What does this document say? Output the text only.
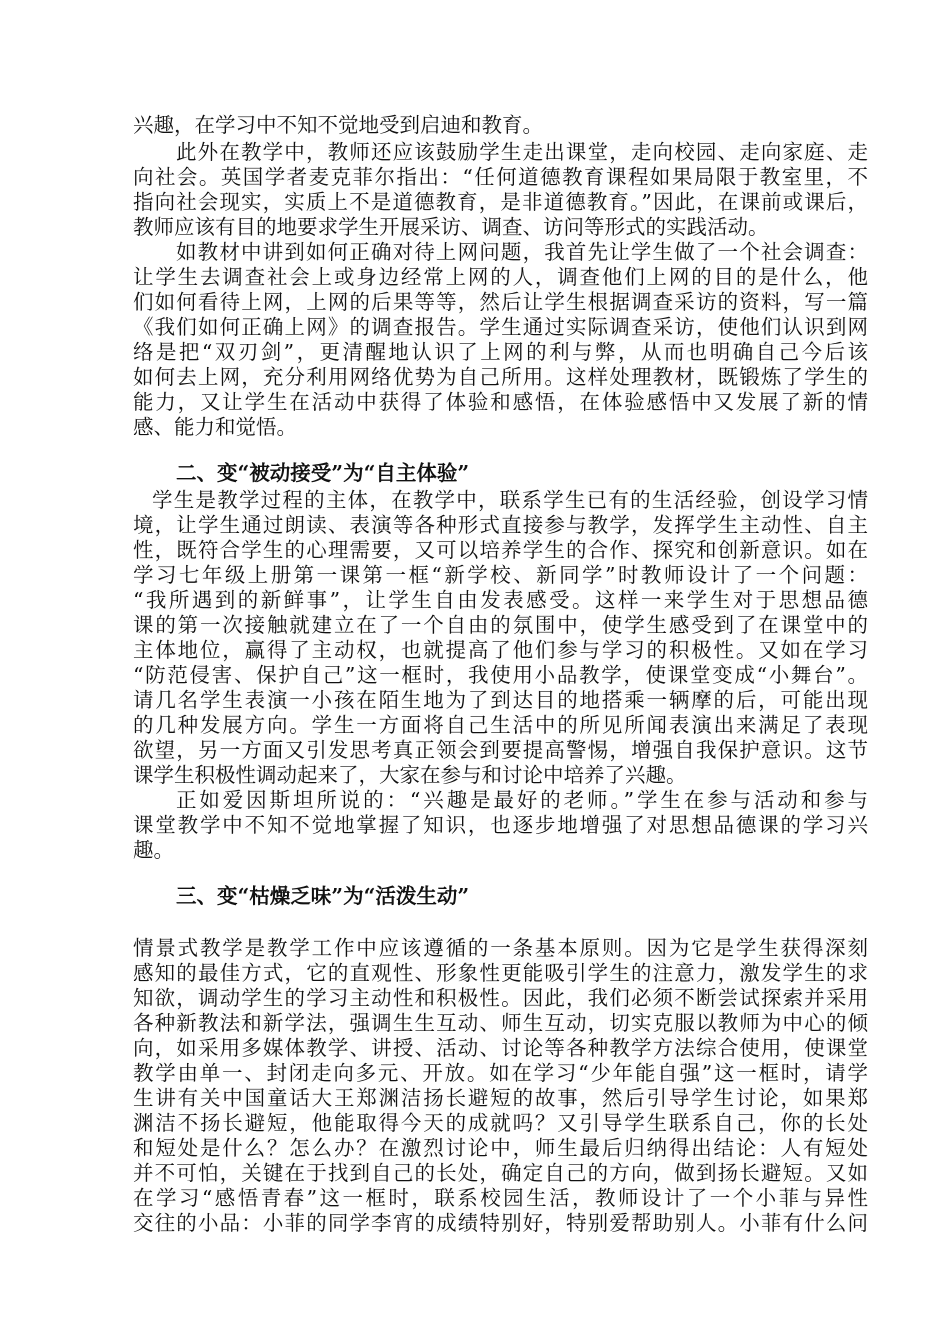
兴趣，在学习中不知不觉地受到启迪和教育。
此外在教学中，教师还应该鼓励学生走出课堂，走向校园、走向家庭、走
向社会。英国学者麦克菲尔指出：“任何道德教育课程如果局限于教室里，不
指向社会现实，实质上不是道德教育，是非道德教育。”因此，在课前或课后，
教师应该有目的地要求学生开展采访、调查、访问等形式的实践活动。
如教材中讲到如何正确对待上网问题，我首先让学生做了一个社会调查：
让学生去调查社会上或身边经常上网的人，调查他们上网的目的是什么，他
们如何看待上网，上网的后果等等，然后让学生根据调查采访的资料，写一篇
《我们如何正确上网》的调查报告。学生通过实际调查采访，使他们认识到网
络是把“双刃剑”，更清醒地认识了上网的利与弊，从而也明确自己今后该
如何去上网，充分利用网络优势为自己所用。这样处理教材，既锻炼了学生的
能力，又让学生在活动中获得了体验和感悟，在体验感悟中又发展了新的情
感、能力和觉悟。
二、变“被动接受”为“自主体验”
学生是教学过程的主体，在教学中，联系学生已有的生活经验，创设学习情
境，让学生通过朗读、表演等各种形式直接参与教学，发挥学生主动性、自主
性，既符合学生的心理需要，又可以培养学生的合作、探究和创新意识。如在
学习七年级上册第一课第一框“新学校、新同学”时教师设计了一个问题：
“我所遇到的新鲜事”，让学生自由发表感受。这样一来学生对于思想品德
课的第一次接触就建立在了一个自由的氛围中，使学生感受到了在课堂中的
主体地位，赢得了主动权，也就提高了他们参与学习的积极性。又如在学习
“防范侵害、保护自己”这一框时，我使用小品教学，使课堂变成“小舞台”。
请几名学生表演一小孩在陌生地为了到达目的地搭乘一辆摩的后，可能出现
的几种发展方向。学生一方面将自己生活中的所见所闻表演出来满足了表现
欲望，另一方面又引发思考真正领会到要提高警惕，增强自我保护意识。这节
课学生积极性调动起来了，大家在参与和讨论中培养了兴趣。
正如爱因斯坦所说的：“兴趣是最好的老师。”学生在参与活动和参与
课堂教学中不知不觉地掌握了知识，也逐步地增强了对思想品德课的学习兴
趣。
三、变“枯燥乏味”为“活泼生动”
情景式教学是教学工作中应该遵循的一条基本原则。因为它是学生获得深刻
感知的最佳方式，它的直观性、形象性更能吸引学生的注意力，激发学生的求
知欲，调动学生的学习主动性和积极性。因此，我们必须不断尝试探索并采用
各种新教法和新学法，强调生生互动、师生互动，切实克服以教师为中心的倾
向，如采用多媒体教学、讲授、活动、讨论等各种教学方法综合使用，使课堂
教学由单一、封闭走向多元、开放。如在学习“少年能自强”这一框时，请学
生讲有关中国童话大王郑渊洁扬长避短的故事，然后引导学生讨论，如果郑
渊洁不扬长避短，他能取得今天的成就吗？又引导学生联系自己，你的长处
和短处是什么？怎么办？在激烈讨论中，师生最后归纳得出结论：人有短处
并不可怕，关键在于找到自己的长处，确定自己的方向，做到扬长避短。又如
在学习“感悟青春”这一框时，联系校园生活，教师设计了一个小菲与异性
交往的小品：小菲的同学李宵的成绩特别好，特别爱帮助别人。小菲有什么问
